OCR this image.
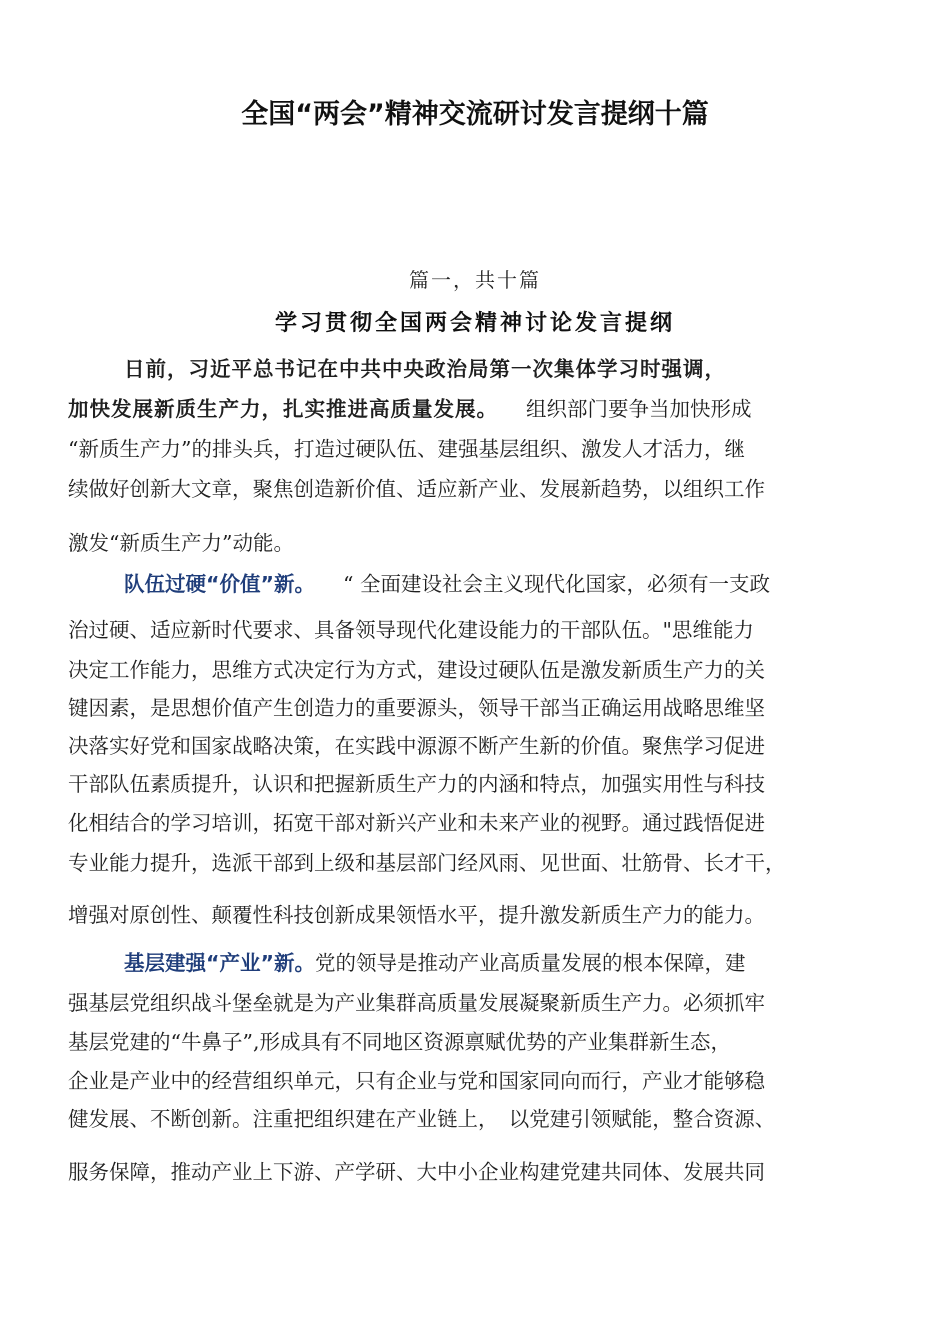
全国“两会”精神交流研讨发言提纲十篇
篇一，共十篇
学习贯彻全国两会精神讨论发言提纲
日前，习近平总书记在中共中央政治局第一次集体学习时强调，
加快发展新质生产力，扎实推进高质量发展。 组织部门要争当加快形成
“新质生产力”的排头兵，打造过硬队伍、建强基层组织、激发人才活力，继
续做好创新大文章，聚焦创造新价值、适应新产业、发展新趋势，以组织工作
激发“新质生产力”动能。
队伍过硬“价值”新。 “ 全面建设社会主义现代化国家，必须有一支政
治过硬、适应新时代要求、具备领导现代化建设能力的干部队伍。"思维能力
决定工作能力，思维方式决定行为方式，建设过硬队伍是激发新质生产力的关
键因素，是思想价值产生创造力的重要源头，领导干部当正确运用战略思维坚
决落实好党和国家战略决策，在实践中源源不断产生新的价值。聚焦学习促进
干部队伍素质提升，认识和把握新质生产力的内涵和特点，加强实用性与科技
化相结合的学习培训，拓宽干部对新兴产业和未来产业的视野。通过践悟促进
专业能力提升，选派干部到上级和基层部门经风雨、见世面、壮筋骨、长才干，
增强对原创性、颠覆性科技创新成果领悟水平，提升激发新质生产力的能力。
基层建强“产业”新。党的领导是推动产业高质量发展的根本保障，建
强基层党组织战斗堡垒就是为产业集群高质量发展凝聚新质生产力。必须抓牢
基层党建的“牛鼻子”,形成具有不同地区资源禀赋优势的产业集群新生态，
企业是产业中的经营组织单元，只有企业与党和国家同向而行，产业才能够稳
健发展、不断创新。注重把组织建在产业链上，　以党建引领赋能，整合资源、
服务保障，推动产业上下游、产学研、大中小企业构建党建共同体、发展共同
